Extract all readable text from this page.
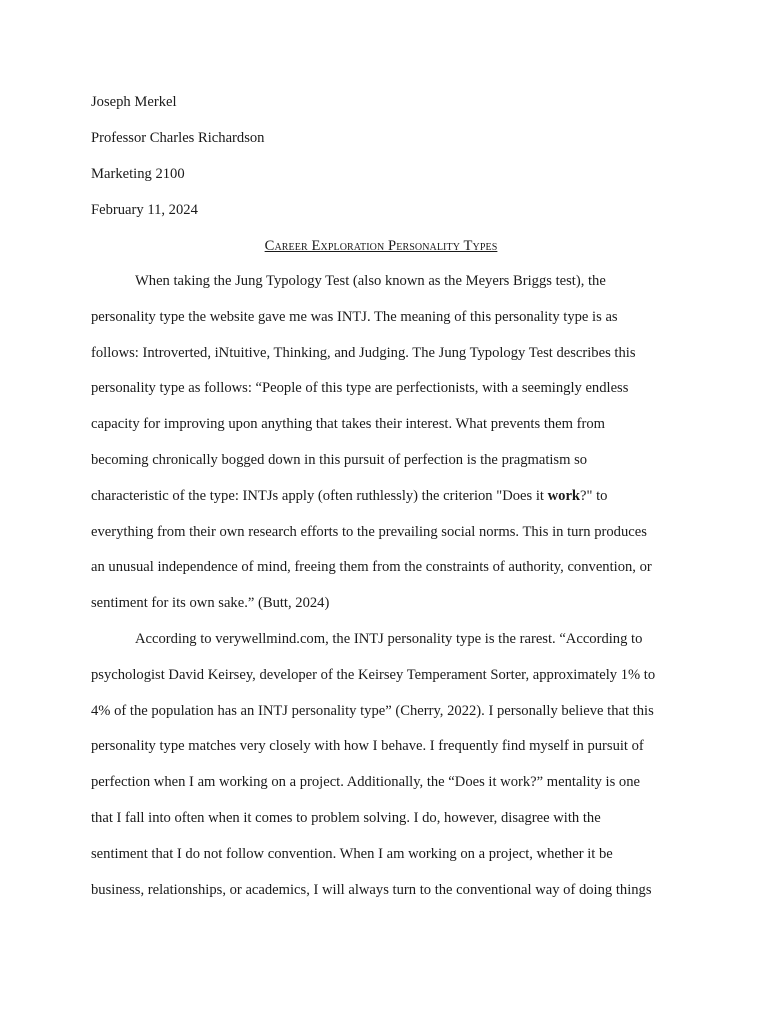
Joseph Merkel
Professor Charles Richardson
Marketing 2100
February 11, 2024
Career Exploration Personality Types
When taking the Jung Typology Test (also known as the Meyers Briggs test), the
personality type the website gave me was INTJ. The meaning of this personality type is as
follows: Introverted, iNtuitive, Thinking, and Judging. The Jung Typology Test describes this
personality type as follows: “People of this type are perfectionists, with a seemingly endless
capacity for improving upon anything that takes their interest. What prevents them from
becoming chronically bogged down in this pursuit of perfection is the pragmatism so
characteristic of the type: INTJs apply (often ruthlessly) the criterion "Does it work?" to
everything from their own research efforts to the prevailing social norms. This in turn produces
an unusual independence of mind, freeing them from the constraints of authority, convention, or
sentiment for its own sake.” (Butt, 2024)
According to verywellmind.com, the INTJ personality type is the rarest. “According to
psychologist David Keirsey, developer of the Keirsey Temperament Sorter, approximately 1% to
4% of the population has an INTJ personality type” (Cherry, 2022). I personally believe that this
personality type matches very closely with how I behave. I frequently find myself in pursuit of
perfection when I am working on a project. Additionally, the “Does it work?” mentality is one
that I fall into often when it comes to problem solving. I do, however, disagree with the
sentiment that I do not follow convention. When I am working on a project, whether it be
business, relationships, or academics, I will always turn to the conventional way of doing things
